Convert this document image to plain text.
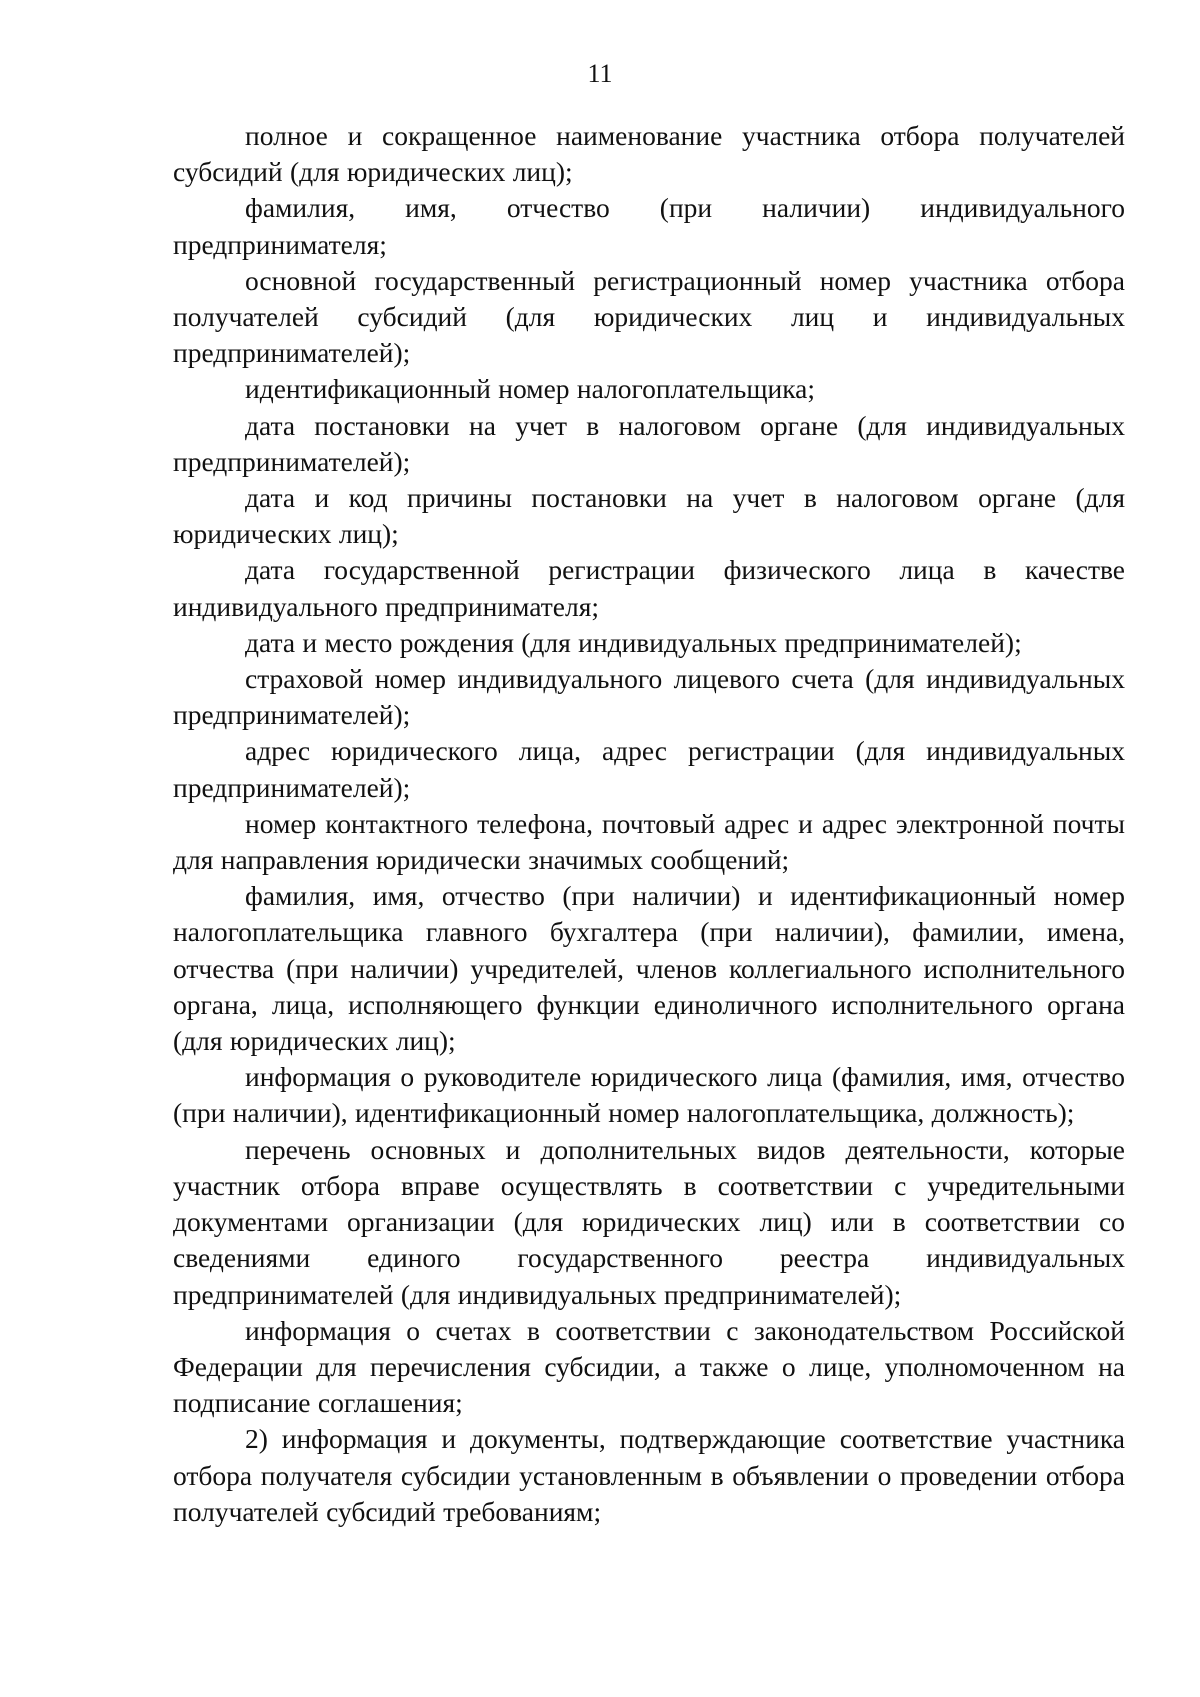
11

полное и сокращенное наименование участника отбора получателей субсидий (для юридических лиц);

фамилия, имя, отчество (при наличии) индивидуального предпринимателя;

основной государственный регистрационный номер участника отбора получателей субсидий (для юридических лиц и индивидуальных предпринимателей);

идентификационный номер налогоплательщика;

дата постановки на учет в налоговом органе (для индивидуальных предпринимателей);

дата и код причины постановки на учет в налоговом органе (для юридических лиц);

дата государственной регистрации физического лица в качестве индивидуального предпринимателя;

дата и место рождения (для индивидуальных предпринимателей);

страховой номер индивидуального лицевого счета (для индивидуальных предпринимателей);

адрес юридического лица, адрес регистрации (для индивидуальных предпринимателей);

номер контактного телефона, почтовый адрес и адрес электронной почты для направления юридически значимых сообщений;

фамилия, имя, отчество (при наличии) и идентификационный номер налогоплательщика главного бухгалтера (при наличии), фамилии, имена, отчества (при наличии) учредителей, членов коллегиального исполнительного органа, лица, исполняющего функции единоличного исполнительного органа (для юридических лиц);

информация о руководителе юридического лица (фамилия, имя, отчество (при наличии), идентификационный номер налогоплательщика, должность);

перечень основных и дополнительных видов деятельности, которые участник отбора вправе осуществлять в соответствии с учредительными документами организации (для юридических лиц) или в соответствии со сведениями единого государственного реестра индивидуальных предпринимателей (для индивидуальных предпринимателей);

информация о счетах в соответствии с законодательством Российской Федерации для перечисления субсидии, а также о лице, уполномоченном на подписание соглашения;

2) информация и документы, подтверждающие соответствие участника отбора получателя субсидии установленным в объявлении о проведении отбора получателей субсидий требованиям;
